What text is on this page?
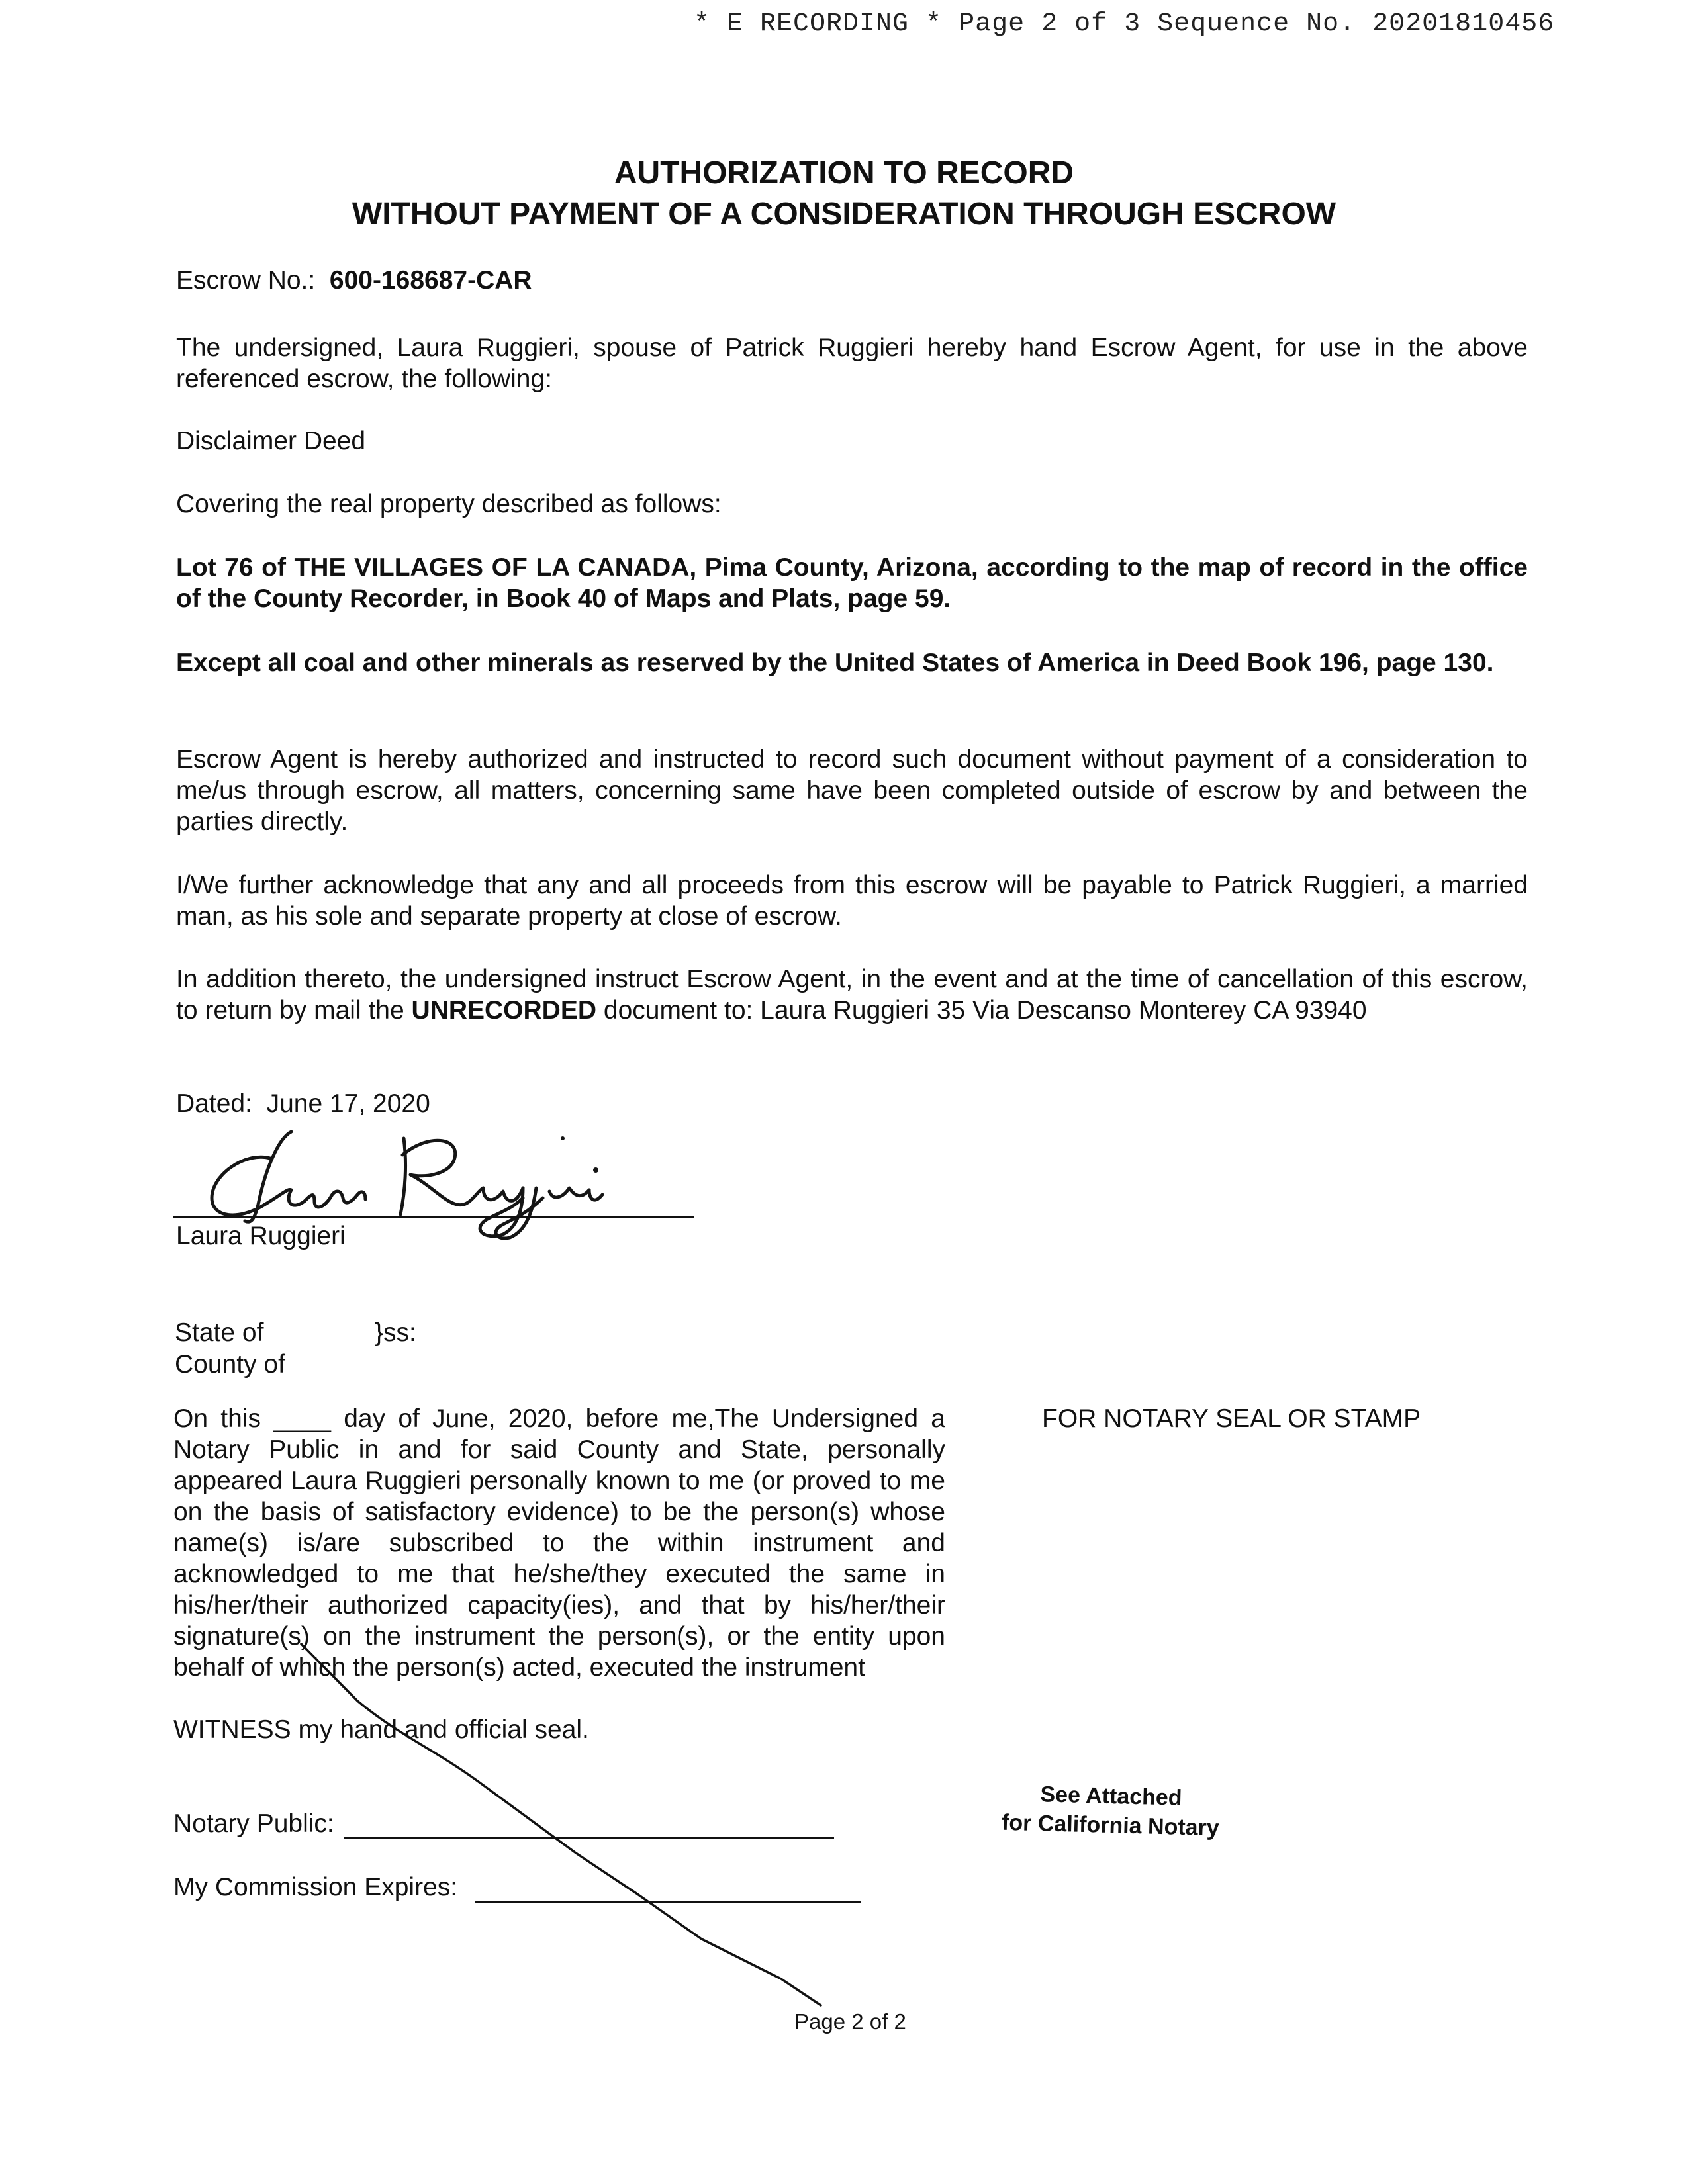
* E RECORDING * Page 2 of 3 Sequence No. 20201810456
AUTHORIZATION TO RECORD
WITHOUT PAYMENT OF A CONSIDERATION THROUGH ESCROW
Escrow No.: 600-168687-CAR
The undersigned, Laura Ruggieri, spouse of Patrick Ruggieri hereby hand Escrow Agent, for use in the above referenced escrow, the following:
Disclaimer Deed
Covering the real property described as follows:
Lot 76 of THE VILLAGES OF LA CANADA, Pima County, Arizona, according to the map of record in the office of the County Recorder, in Book 40 of Maps and Plats, page 59.
Except all coal and other minerals as reserved by the United States of America in Deed Book 196, page 130.
Escrow Agent is hereby authorized and instructed to record such document without payment of a consideration to me/us through escrow, all matters, concerning same have been completed outside of escrow by and between the parties directly.
I/We further acknowledge that any and all proceeds from this escrow will be payable to Patrick Ruggieri, a married man, as his sole and separate property at close of escrow.
In addition thereto, the undersigned instruct Escrow Agent, in the event and at the time of cancellation of this escrow, to return by mail the UNRECORDED document to: Laura Ruggieri 35 Via Descanso Monterey CA 93940
Dated: June 17, 2020
Laura Ruggieri
State of	}ss:
County of
On this ____ day of June, 2020, before me,The Undersigned a Notary Public in and for said County and State, personally appeared Laura Ruggieri personally known to me (or proved to me on the basis of satisfactory evidence) to be the person(s) whose name(s) is/are subscribed to the within instrument and acknowledged to me that he/she/they executed the same in his/her/their authorized capacity(ies), and that by his/her/their signature(s) on the instrument the person(s), or the entity upon behalf of which the person(s) acted, executed the instrument
FOR NOTARY SEAL OR STAMP
WITNESS my hand and official seal.
Notary Public:
My Commission Expires:
See Attached
for California Notary
Page 2 of 2
